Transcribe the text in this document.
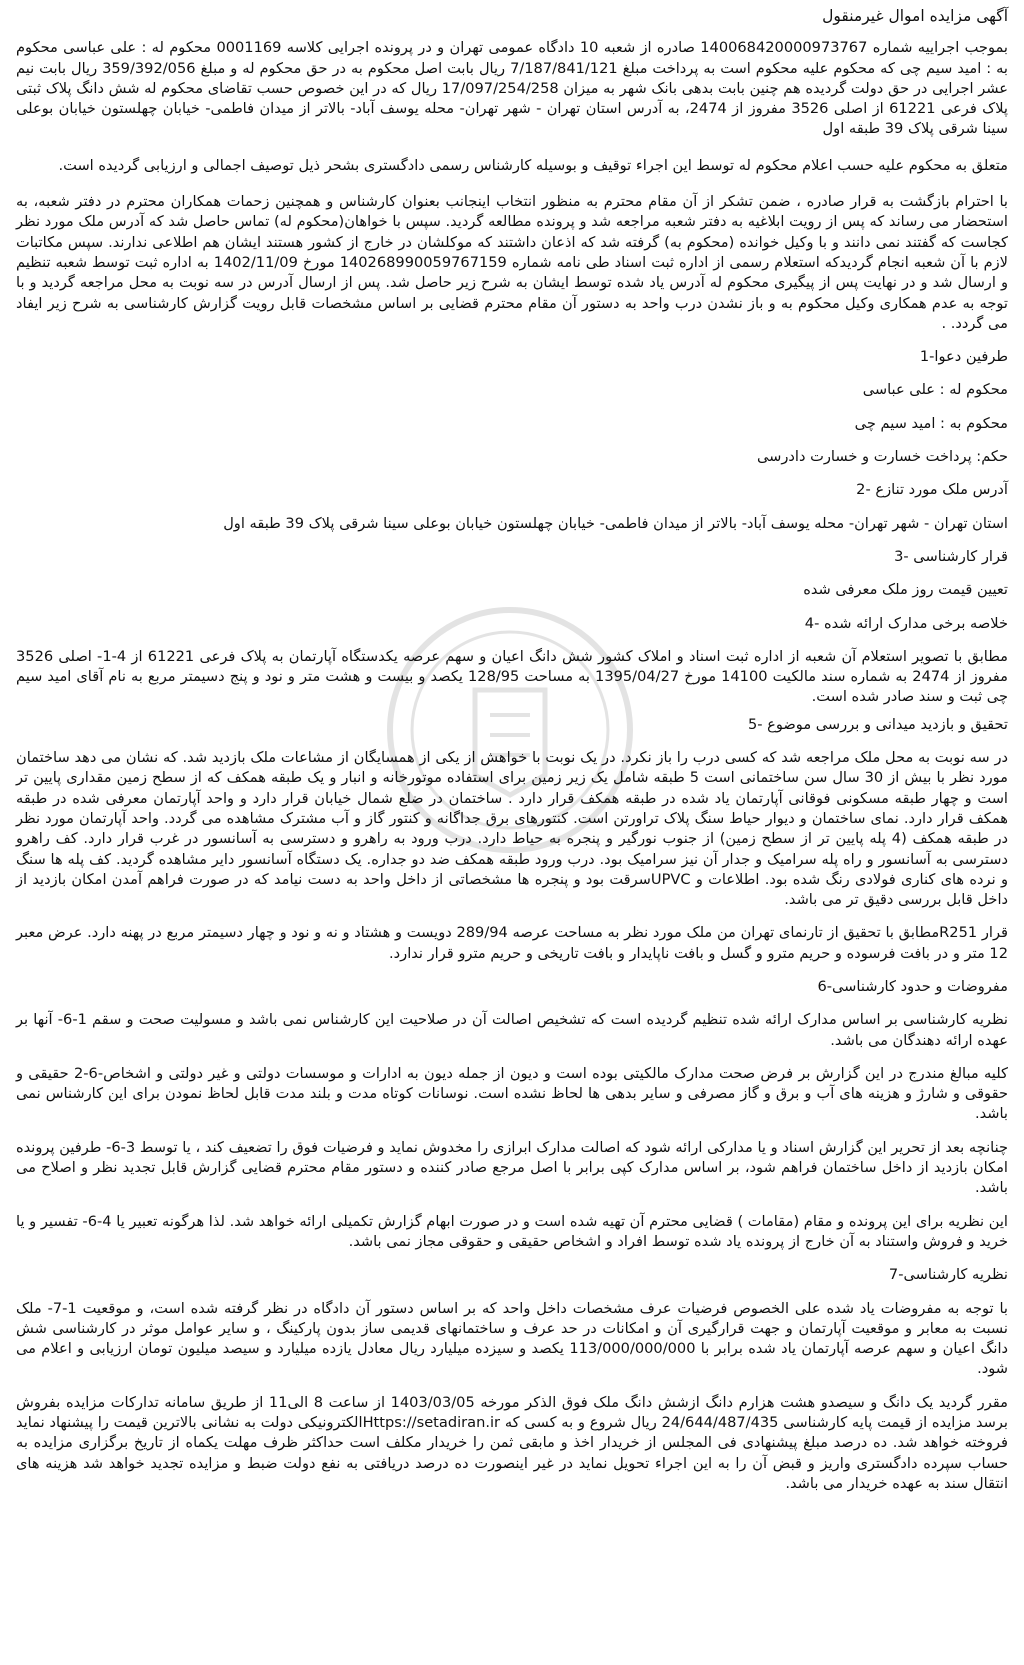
آگهی مزایده اموال غیرمنقول

بموجب اجراییه شماره 140068420000973767 صادره از شعبه 10 دادگاه عمومی تهران و در پرونده اجرایی کلاسه 0001169 محکوم له : علی عباسی محکوم به : امید سیم چی که محکوم علیه محکوم است به پرداخت مبلغ 7/187/841/121 ریال بابت اصل محکوم به در حق محکوم له و مبلغ 359/392/056 ریال بابت نیم عشر اجرایی در حق دولت گردیده هم چنین بابت بدهی بانک شهر به میزان 17/097/254/258 ریال که در این خصوص حسب تقاضای محکوم له شش دانگ پلاک ثبتی پلاک فرعی 61221 از اصلی 3526 مفروز از 2474، به آدرس استان تهران - شهر تهران- محله یوسف آباد- بالاتر از میدان فاطمی- خیابان چهلستون خیابان بوعلی سینا شرقی پلاک 39 طبقه اول

متعلق به محکوم علیه حسب اعلام محکوم له توسط این اجراء توقیف و بوسیله کارشناس رسمی دادگستری بشحر ذیل توصیف اجمالی و ارزیابی گردیده است.

با احترام بازگشت به قرار صادره ، ضمن تشکر از آن مقام محترم به منظور انتخاب اینجانب بعنوان کارشناس و همچنین زحمات همکاران محترم در دفتر شعبه، به استحضار می رساند که پس از رویت ابلاغیه به دفتر شعبه مراجعه شد و پرونده مطالعه گردید. سپس با خواهان(محکوم له) تماس حاصل شد که آدرس ملک مورد نظر کجاست که گفتند نمی دانند و با وکیل خوانده (محکوم به) گرفته شد که اذعان داشتند که موکلشان در خارج از کشور هستند ایشان هم اطلاعی ندارند. سپس مکاتبات لازم با آن شعبه انجام گردیدکه استعلام رسمی از اداره ثبت اسناد طی نامه شماره 140268990059767159 مورخ 1402/11/09 به اداره ثبت توسط شعبه تنظیم و ارسال شد و در نهایت پس از پیگیری محکوم له آدرس یاد شده توسط ایشان به شرح زیر حاصل شد. پس از ارسال آدرس در سه نوبت به محل مراجعه گردید و با توجه به عدم همکاری وکیل محکوم به و باز نشدن درب واحد به دستور آن مقام محترم قضایی بر اساس مشخصات قابل رویت گزارش کارشناسی به شرح زیر ایفاد می گردد. .

طرفین دعوا-1

محکوم له : علی عباسی

محکوم به : امید سیم چی

حکم: پرداخت خسارت و خسارت دادرسی

آدرس ملک مورد تنازع -2

استان تهران - شهر تهران- محله یوسف آباد- بالاتر از میدان فاطمی- خیابان چهلستون خیابان بوعلی سینا شرقی پلاک 39 طبقه اول

قرار کارشناسی -3

تعیین قیمت روز ملک معرفی شده

خلاصه برخی مدارک ارائه شده -4

مطابق با تصویر استعلام آن شعبه از اداره ثبت اسناد و املاک کشور شش دانگ اعیان و سهم عرصه یکدستگاه آپارتمان به پلاک فرعی 61221 از 4-1- اصلی 3526 مفروز از 2474 به شماره سند مالکیت 14100 مورخ 1395/04/27 به مساحت 128/95 یکصد و بیست و هشت متر و نود و پنج دسیمتر مربع به نام آقای امید سیم چی ثبت و سند صادر شده است.

تحقیق و بازدید میدانی و بررسی موضوع -5

در سه نوبت به محل ملک مراجعه شد که کسی درب را باز نکرد. در یک نوبت با خواهش از یکی از همسایگان از مشاعات ملک بازدید شد. که نشان می دهد ساختمان مورد نظر با بیش از 30 سال سن ساختمانی است 5 طبقه شامل یک زیر زمین برای استفاده موتورخانه و انبار و یک طبقه همکف که از سطح زمین مقداری پایین تر است و چهار طبقه مسکونی فوقانی آپارتمان یاد شده در طبقه همکف قرار دارد . ساختمان در ضلع شمال خیابان قرار دارد و واحد آپارتمان معرفی شده در طبقه همکف قرار دارد. نمای ساختمان و دیوار حیاط سنگ پلاک تراورتن است. کنتورهای برق جداگانه و کنتور گاز و آب مشترک مشاهده می گردد. واحد آپارتمان مورد نظر در طبقه همکف (4 پله پایین تر از سطح زمین) از جنوب نورگیر و پنجره به حیاط دارد. درب ورود به راهرو و دسترسی به آسانسور در غرب قرار دارد. کف راهرو دسترسی به آسانسور و راه پله سرامیک و جدار آن نیز سرامیک بود. درب ورود طبقه همکف ضد دو جداره. یک دستگاه آسانسور دایر مشاهده گردید. کف پله ها سنگ و نرده های کناری فولادی رنگ شده بود. اطلاعات و UPVCسرقت بود و پنجره ها مشخصاتی از داخل واحد به دست نیامد که در صورت فراهم آمدن امکان بازدید از داخل قابل بررسی دقیق تر می باشد.

قرار R251مطابق با تحقیق از تارنمای تهران من ملک مورد نظر به مساحت عرصه 289/94 دویست و هشتاد و نه و نود و چهار دسیمتر مربع در پهنه دارد. عرض معبر 12 متر و در بافت فرسوده و حریم مترو و گسل و بافت ناپایدار و بافت تاریخی و حریم مترو قرار ندارد.

مفروضات و حدود کارشناسی-6

نظریه کارشناسی بر اساس مدارک ارائه شده تنظیم گردیده است که تشخیص اصالت آن در صلاحیت این کارشناس نمی باشد و مسولیت صحت و سقم 1-6- آنها بر عهده ارائه دهندگان می باشد.

کلیه مبالغ مندرج در این گزارش بر فرض صحت مدارک مالکیتی بوده است و دیون از جمله دیون به ادارات و موسسات دولتی و غیر دولتی و اشخاص-6-2 حقیقی و حقوقی و شارژ و هزینه های آب و برق و گاز مصرفی و سایر بدهی ها لحاظ نشده است. نوسانات کوتاه مدت و بلند مدت قابل لحاظ نمودن برای این کارشناس نمی باشد.

چنانچه بعد از تحریر این گزارش اسناد و یا مدارکی ارائه شود که اصالت مدارک ابرازی را مخدوش نماید و فرضیات فوق را تضعیف کند ، یا توسط 3-6- طرفین پرونده امکان بازدید از داخل ساختمان فراهم شود، بر اساس مدارک کپی برابر با اصل مرجع صادر کننده و دستور مقام محترم قضایی گزارش قابل تجدید نظر و اصلاح می باشد.

این نظریه برای این پرونده و مقام (مقامات ) قضایی محترم آن تهیه شده است و در صورت ابهام گزارش تکمیلی ارائه خواهد شد. لذا هرگونه تعبیر یا 4-6- تفسیر و یا خرید و فروش واستناد به آن خارج از پرونده یاد شده توسط افراد و اشخاص حقیقی و حقوقی مجاز نمی باشد.

نظریه کارشناسی-7

با توجه به مفروضات یاد شده علی الخصوص فرضیات عرف مشخصات داخل واحد که بر اساس دستور آن دادگاه در نظر گرفته شده است، و موقعیت 1-7- ملک نسبت به معابر و موقعیت آپارتمان و جهت قرارگیری آن و امکانات در حد عرف و ساختمانهای قدیمی ساز بدون پارکینگ ، و سایر عوامل موثر در کارشناسی شش دانگ اعیان و سهم عرصه آپارتمان یاد شده برابر با 113/000/000/000 یکصد و سیزده میلیارد ریال معادل یازده میلیارد و سیصد میلیون تومان ارزیابی و اعلام می شود.

مقرر گردید یک دانگ و سیصدو هشت هزارم دانگ ازشش دانگ ملک فوق الذکر مورخه 1403/03/05 از ساعت 8 الی11 از طریق سامانه تدارکات مزایده بفروش برسد مزایده از قیمت پایه کارشناسی 24/644/487/435 ریال شروع و به کسی که Https://setadiran.irالکترونیکی دولت به نشانی بالاترین قیمت را پیشنهاد نماید فروخته خواهد شد. ده درصد مبلغ پیشنهادی فی المجلس از خریدار اخذ و مابقی ثمن را خریدار مکلف است حداکثر ظرف مهلت یکماه از تاریخ برگزاری مزایده به حساب سپرده دادگستری واریز و قبض آن را به این اجراء تحویل نماید در غیر اینصورت ده درصد دریافتی به نفع دولت ضبط و مزایده تجدید خواهد شد هزینه های انتقال سند به عهده خریدار می باشد.
